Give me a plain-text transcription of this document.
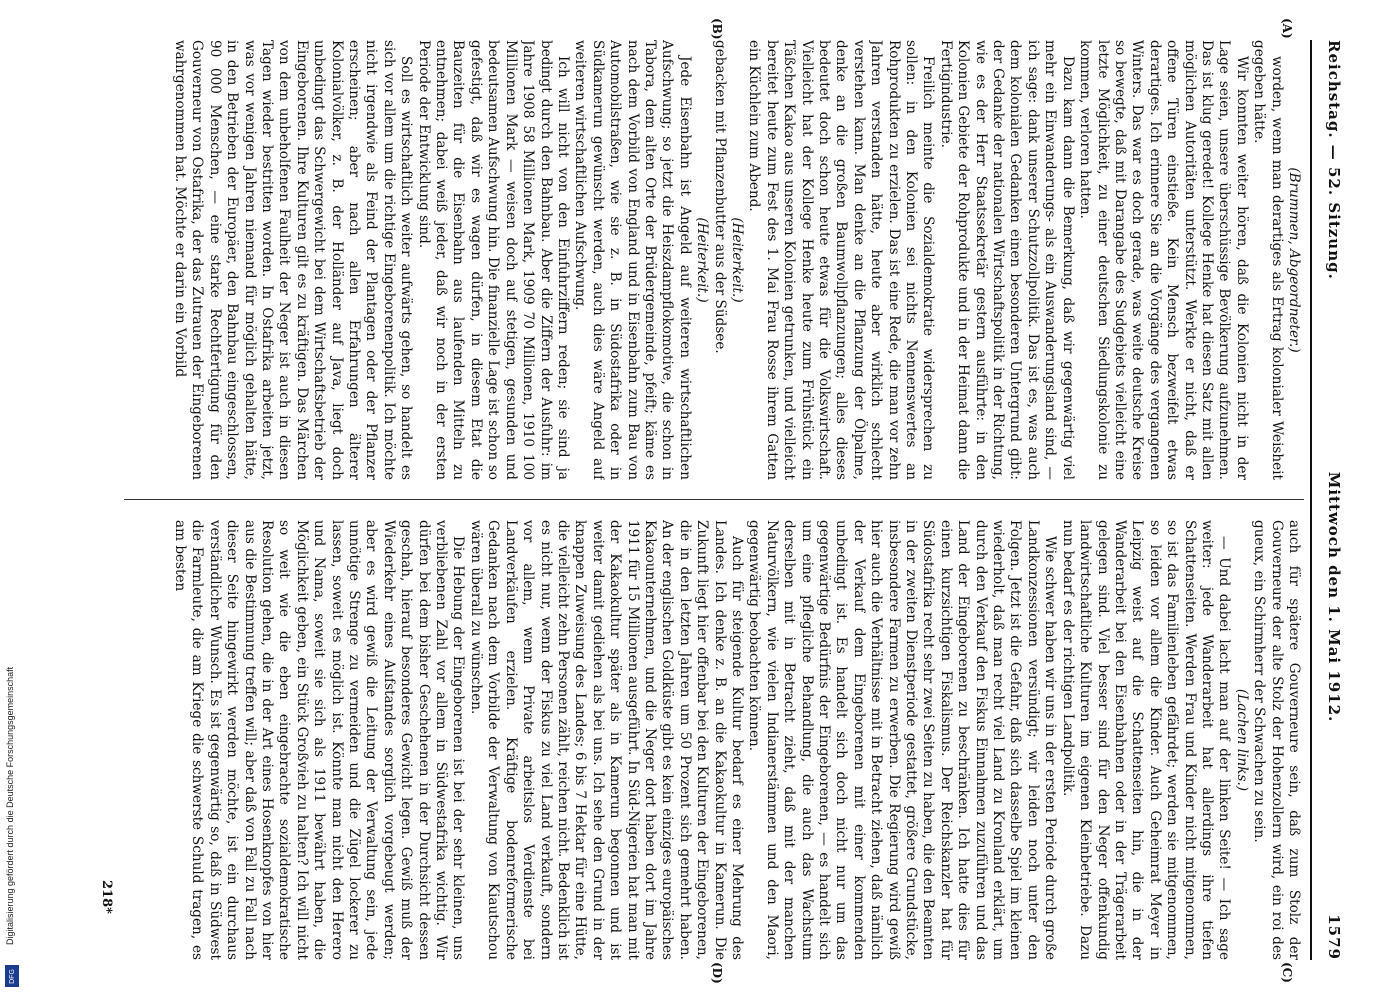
Digitalisierung gefördert durch die Deutsche Forschungsgemeinschaft
DFG
Reichstag. — 52. Sitzung.
Mittwoch den 1. Mai 1912.
1579
(A)
(B)
(C)
(D)

(Brummen, Abgeordneter.)

worden, wenn man derartiges als Ertrag kolonialer Weisheit gegeben hätte.

Wir konnten weiter hören, daß die Kolonien nicht in der Lage seien, unsere überschüssige Bevölkerung aufzunehmen. Das ist klug geredet! Kollege Henke hat diesen Satz mit allen möglichen Autoritäten unterstützt. Werkte er nicht, daß er offene Türen einstieße. Kein Mensch bezweifelt etwas derartiges. Ich erinnere Sie an die Vorgänge des vergangenen Winters. Das war es doch gerade, was weite deutsche Kreise so bewegte, daß mit Darangabe des Sudgebiets vielleicht eine letzte Möglichkeit, zu einer deutschen Siedlungskolonie zu kommen, verloren hatten.

Dazu kam dann die Bemerkung, daß wir gegenwärtig viel mehr ein Einwanderungs- als ein Auswanderungsland sind, — ich sage: dank unserer Schutzzollpolitik. Das ist es, was auch dem kolonialen Gedanken einen besonderen Untergrund gibt: der Gedanke der nationalen Wirtschaftspolitik in der Richtung, wie es der Herr Staatssekretär gestern ausführte: in den Kolonien Gebiete der Rohprodukte und in der Heimat dann die Fertigindustrie.

Freilich meinte die Sozialdemokratie widersprechen zu sollen: in den Kolonien sei nichts Nennenswertes an Rohprodukten zu erzielen. Das ist eine Rede, die man vor zehn Jahren verstanden hätte, heute aber wirklich schlecht verstehen kann. Man denke an die Pflanzung der Ölpalme, denke an die großen Baumwollpflanzungen; alles dieses bedeutet doch schon heute etwas für die Volkswirtschaft. Vielleicht hat der Kollege Henke heute zum Frühstück ein Täßchen Kakao aus unseren Kolonien getrunken, und vielleicht bereitet heute zum Fest des 1. Mai Frau Rosse ihrem Gatten ein Küchlein zum Abend.

(Heiterkeit.)

gebacken mit Pflanzenbutter aus der Südsee.

(Heiterkeit.)

Jede Eisenbahn ist Angeld auf weiteren wirtschaftlichen Aufschwung; so jetzt die Heiszdampflokomotive, die schon in Tabora, dem alten Orte der Brüdergemeinde, pfeift; käme es nach dem Vorbild von England und in Eisenbahn zum Bau von Automobilstraßen, wie sie z. B. in Südostafrika oder in Südkamerun gewünscht werden, auch dies wäre Angeld auf weiteren wirtschaftlichen Aufschwung.

Ich will nicht von den Einfuhrziffern reden; sie sind ja bedingt durch den Bahnbau. Aber die Ziffern der Ausfuhr: im Jahre 1908 58 Millionen Mark, 1909 70 Millionen, 1910 100 Millionen Mark — weisen doch auf stetigen, gesunden und bedeutsamen Aufschwung hin. Die finanzielle Lage ist schon so gefestigt, daß wir es wagen dürfen, in diesem Etat die Bauzeiten für die Eisenbahn aus laufenden Mitteln zu entnehmen; dabei weiß jeder, daß wir noch in der ersten Periode der Entwicklung sind.

Soll es wirtschaftlich weiter aufwärts gehen, so handelt es sich vor allem um die richtige Eingeborenenpolitik. Ich möchte nicht irgendwie als Feind der Plantagen oder der Pflanzer erscheinen; aber nach allen Erfahrungen älterer Kolonialvölker, z. B. der Holländer auf Java, liegt doch unbedingt das Schwergewicht bei dem Wirtschaftsbetrieb der Eingeborenen. Ihre Kulturen gilt es zu kräftigen. Das Märchen von dem unbeholfenen Faulheit der Neger ist auch in diesen Tagen wieder bestritten worden. In Ostafrika arbeiten jetzt, was vor wenigen Jahren niemand für möglich gehalten hätte, in den Betrieben der Europäer, den Bahnbau eingeschlossen, 90 000 Menschen, — eine starke Rechtfertigung für den Gouverneur von Ostafrika, der das Zutrauen der Eingeborenen wahrgenommen hat. Möchte er darin ein Vorbild

auch für spätere Gouverneure sein, daß zum Stolz der Gouverneure der alte Stolz der Hohenzollern wird, ein roi des gueux, ein Schirmherr der Schwachen zu sein.

(Lachen links.)

— Und dabei lacht man auf der linken Seite! — Ich sage weiter: jede Wanderarbeit hat allerdings ihre tiefen Schattenseiten. Werden Frau und Kinder nicht mitgenommen, so ist das Familienleben gefährdet; werden sie mitgenommen, so leiden vor allem die Kinder. Auch Geheimrat Meyer in Leipzig weist auf die Schattenseiten hin, die in der Wanderarbeit bei den Eisenbahnen oder in der Trägerarbeit gelegen sind. Viel besser sind für den Neger offenkundig landwirtschaftliche Kulturen im eigenen Kleinbetriebe. Dazu nun bedarf es der richtigen Landpolitik.

Wie schwer haben wir uns in der ersten Periode durch große Landkonzessionen versündigt; wir leiden noch unter den Folgen. Jetzt ist die Gefahr, daß sich dasselbe Spiel im kleinen wiederholt, daß man recht viel Land zu Kronland erklärt, um durch den Verkauf den Fiskus Einnahmen zuzuführen und das Land der Eingeborenen zu beschränken. Ich hatte dies für einen kurzsichtigen Fiskalismus. Der Reichskanzler hat für Südostafrika recht sehr zwei Seiten zu haben, die den Beamten in der zweiten Dienstperiode gestattet, größere Grundstücke, insbesondere Farmen zu erwerben. Die Regierung wird gewiß hier auch die Verhältnisse mit in Betracht ziehen, daß nämlich der Verkauf dem Eingeborenen mit einer kommenden unbedingt ist. Es handelt sich doch nicht nur um das gegenwärtige Bedürfnis der Eingeborenen, — es handelt sich um eine pflegliche Behandlung, die auch das Wachstum derselben mit in Betracht zieht, daß mit der manchen Naturvölkern, wie vielen Indianerstämmen und den Maori, gegenwärtig beobachten können.

Auch für steigende Kultur bedarf es einer Mehrung des Landes. Ich denke z. B. an die Kakaokultur in Kamerun. Die Zukunft liegt hier offenbar bei den Kulturen der Eingeborenen, die in den letzten Jahren um 50 Prozent sich gemehrt haben. An der englischen Goldküste gibt es kein einziges europäisches Kakaounternehmen, und die Neger dort haben dort im Jahre 1911 für 15 Millionen ausgeführt. In Süd-Nigerien hat man mit der Kakaokultur später als in Kamerun begonnen und ist weiter damit gediehen als bei uns. Ich sehe den Grund in der knappen Zuweisung des Landes; 6 bis 7 Hektar für eine Hütte, die vielleicht zehn Personen zählt, reichen nicht. Bedenklich ist es nicht nur, wenn der Fiskus zu viel Land verkauft, sondern vor allem, wenn Private arbeitslos Verdienste bei Landverkäufen erzielen. Kräftige bodenreformerische Gedanken nach dem Vorbilde der Verwaltung von Kiautschou wären überall zu wünschen.

Die Hebung der Eingeborenen ist bei der sehr kleinen, uns verbliebenen Zahl vor allem in Südwestafrika wichtig. Wir dürfen bei dem bisher Geschehenen in der Durchsicht dessen geschah, hierauf besonderes Gewicht legen. Gewiß muß der Wiederkehr eines Aufstandes sorglich vorgebeugt werden; aber es wird gewiß die Leitung der Verwaltung sein, jede unnötige Strenge zu vermeiden und die Zügel lockerer zu lassen, soweit es möglich ist. Könnte man nicht den Herero und Nama, soweit sie sich als 1911 bewährt haben, die Möglichkeit geben, ein Stück Großvieh zu halten? Ich will nicht so weit wie die eben eingebrachte sozialdemokratische Resolution gehen, die in der Art eines Hosenknopfes von hier aus die Bestimmung treffen will; aber daß von Fall zu Fall nach dieser Seite hingewirkt werden möchte, ist ein durchaus verständlicher Wunsch. Es ist gegenwärtig so, daß in Südwest die Farmleute, die am Kriege die schwerste Schuld tragen, es am besten

218*
